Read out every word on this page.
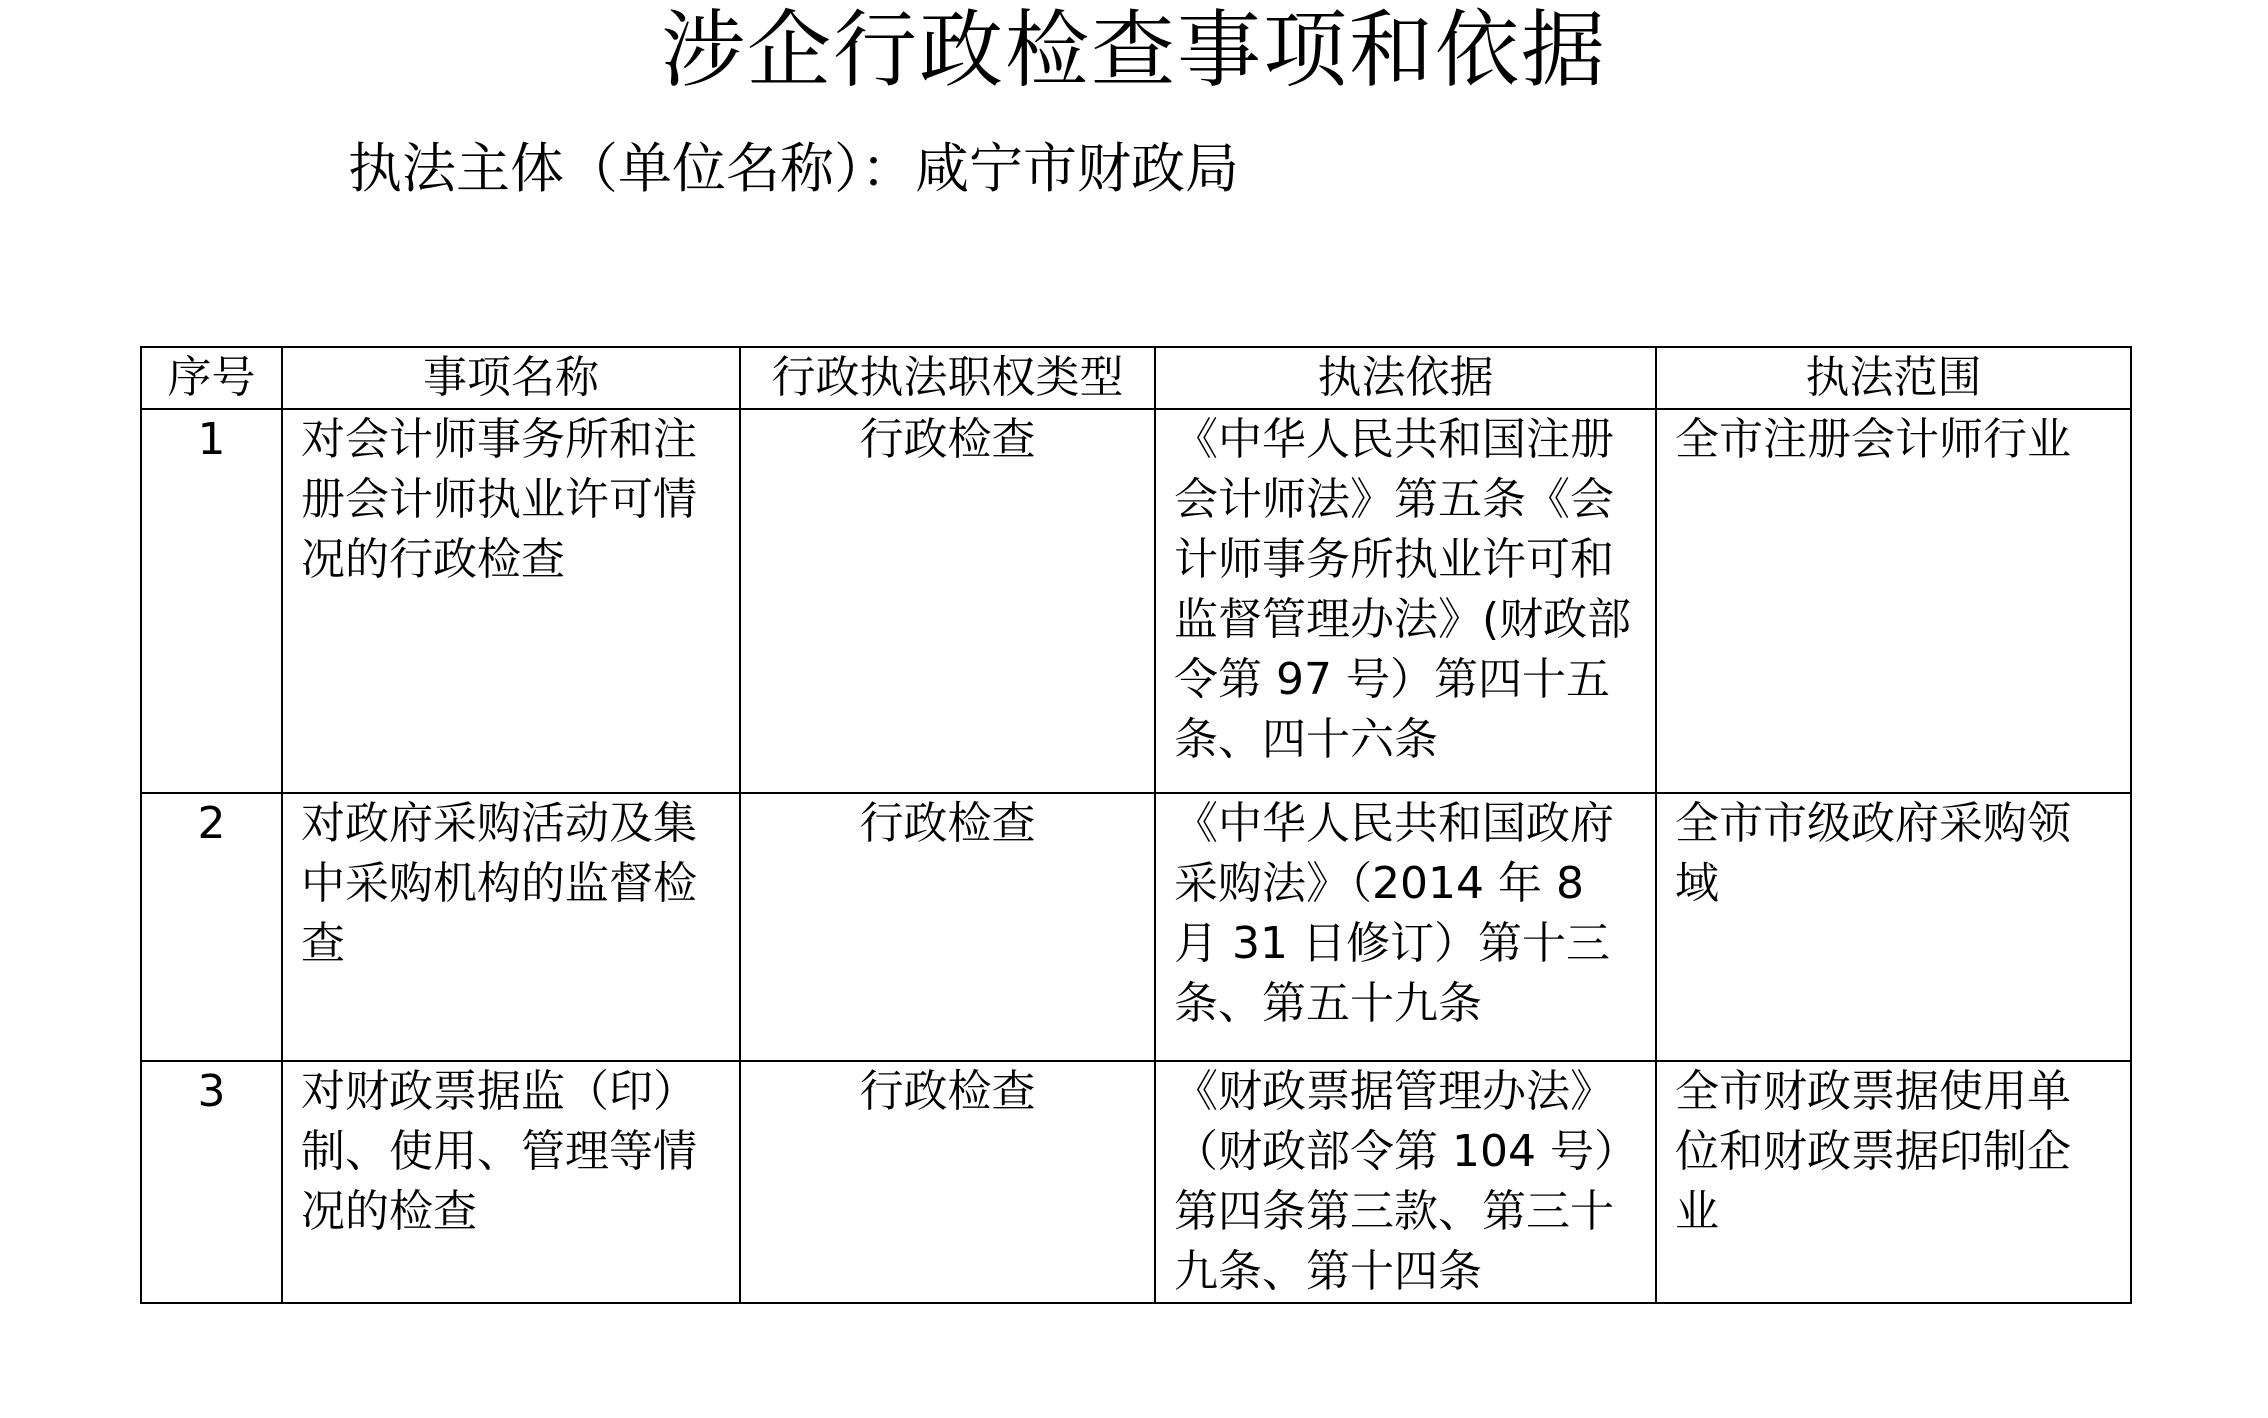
涉企行政检查事项和依据
执法主体（单位名称）：咸宁市财政局
序号	事项名称	行政执法职权类型	执法依据	执法范围
1	对会计师事务所和注册会计师执业许可情况的行政检查	行政检查	《中华人民共和国注册会计师法》第五条《会计师事务所执业许可和监督管理办法》(财政部令第 97 号）第四十五条、四十六条	全市注册会计师行业
2	对政府采购活动及集中采购机构的监督检查	行政检查	《中华人民共和国政府采购法》（2014 年 8 月 31 日修订）第十三条、第五十九条	全市市级政府采购领域
3	对财政票据监（印）制、使用、管理等情况的检查	行政检查	《财政票据管理办法》（财政部令第 104 号）第四条第三款、第三十九条、第十四条	全市财政票据使用单位和财政票据印制企业
